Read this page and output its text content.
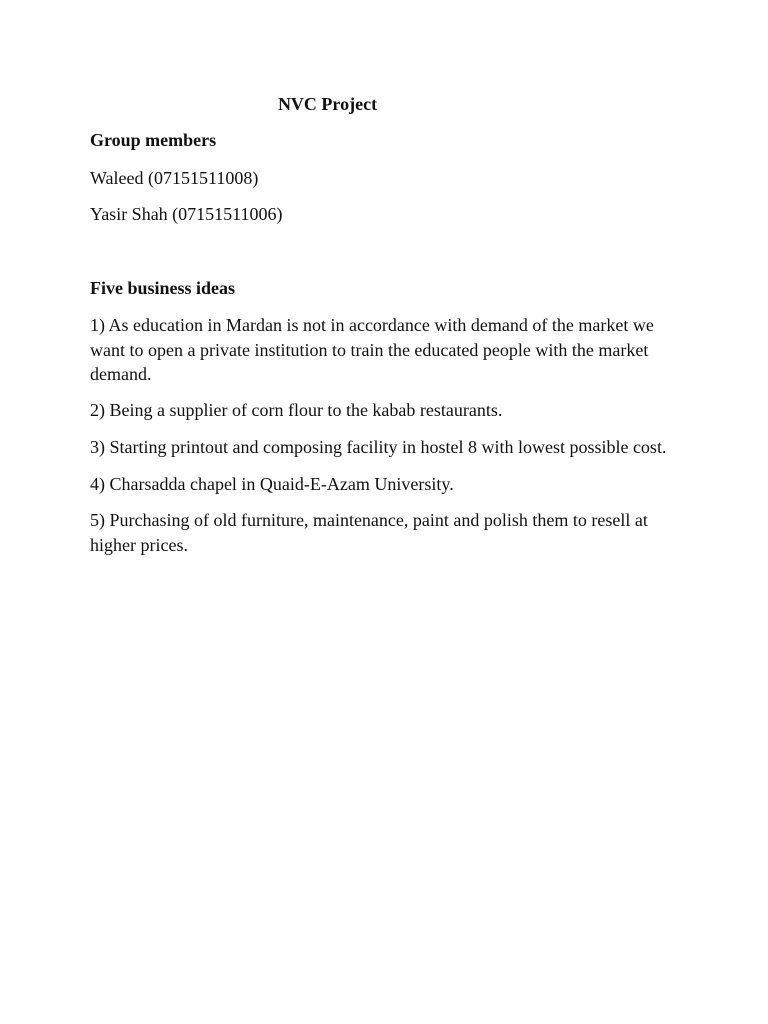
NVC Project

Group members

Waleed (07151511008)

Yasir Shah (07151511006)

Five business ideas

1) As education in Mardan is not in accordance with demand of the market we want to open a private institution to train the educated people with the market demand.

2) Being a supplier of corn flour to the kabab restaurants.

3) Starting printout and composing facility in hostel 8 with lowest possible cost.

4) Charsadda chapel in Quaid-E-Azam University.

5) Purchasing of old furniture, maintenance, paint and polish them to resell at higher prices.
